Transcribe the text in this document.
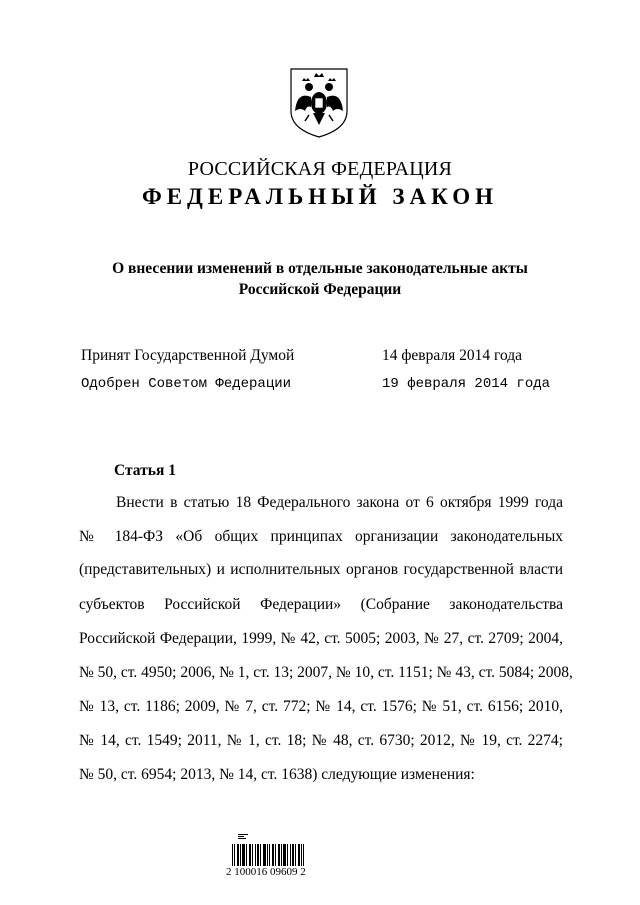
РОССИЙСКАЯ ФЕДЕРАЦИЯ
ФЕДЕРАЛЬНЫЙ ЗАКОН
О внесении изменений в отдельные законодательные акты
Российской Федерации
Принят Государственной Думой	14 февраля 2014 года
Одобрен Советом Федерации	19 февраля 2014 года
Статья 1
Внести в статью 18 Федерального закона от 6 октября 1999 года
№ 184-ФЗ «Об общих принципах организации законодательных
(представительных) и исполнительных органов государственной власти
субъектов Российской Федерации» (Собрание законодательства
Российской Федерации, 1999, № 42, ст. 5005; 2003, № 27, ст. 2709; 2004,
№ 50, ст. 4950; 2006, № 1, ст. 13; 2007, № 10, ст. 1151; № 43, ст. 5084; 2008,
№ 13, ст. 1186; 2009, № 7, ст. 772; № 14, ст. 1576; № 51, ст. 6156; 2010,
№ 14, ст. 1549; 2011, № 1, ст. 18; № 48, ст. 6730; 2012, № 19, ст. 2274;
№ 50, ст. 6954; 2013, № 14, ст. 1638) следующие изменения:
2 100016 09609 2
